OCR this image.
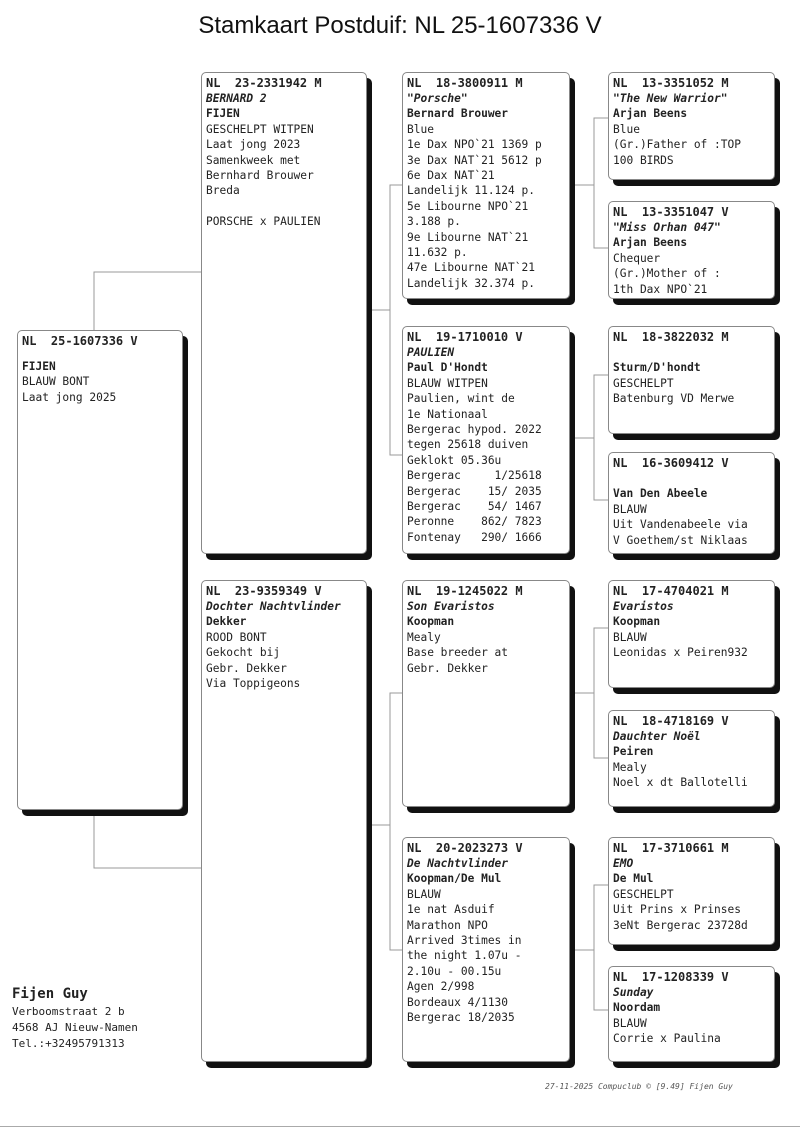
Stamkaart Postduif: NL 25-1607336 V
NL  25-1607336 V
FIJEN
BLAUW BONT
Laat jong 2025
NL  23-2331942 M
BERNARD 2
FIJEN
GESCHELPT WITPEN
Laat jong 2023
Samenkweek met
Bernhard Brouwer
Breda

PORSCHE x PAULIEN
NL  23-9359349 V
Dochter Nachtvlinder
Dekker
ROOD BONT
Gekocht bij
Gebr. Dekker
Via Toppigeons
NL  18-3800911 M
"Porsche"
Bernard Brouwer
Blue
1e Dax NPO`21 1369 p
3e Dax NAT`21 5612 p
6e Dax NAT`21
Landelijk 11.124 p.
5e Libourne NPO`21
3.188 p.
9e Libourne NAT`21
11.632 p.
47e Libourne NAT`21
Landelijk 32.374 p.
NL  19-1710010 V
PAULIEN
Paul D'Hondt
BLAUW WITPEN
Paulien, wint de
1e Nationaal
Bergerac hypod. 2022
tegen 25618 duiven
Geklokt 05.36u
Bergerac     1/25618
Bergerac    15/ 2035
Bergerac    54/ 1467
Peronne    862/ 7823
Fontenay   290/ 1666
NL  19-1245022 M
Son Evaristos
Koopman
Mealy
Base breeder at
Gebr. Dekker
NL  20-2023273 V
De Nachtvlinder
Koopman/De Mul
BLAUW
1e nat Asduif
Marathon NPO
Arrived 3times in
the night 1.07u -
2.10u - 00.15u
Agen 2/998
Bordeaux 4/1130
Bergerac 18/2035
NL  13-3351052 M
"The New Warrior"
Arjan Beens
Blue
(Gr.)Father of :TOP
100 BIRDS
NL  13-3351047 V
"Miss Orhan 047"
Arjan Beens
Chequer
(Gr.)Mother of :
1th Dax NPO`21
NL  18-3822032 M

Sturm/D'hondt
GESCHELPT
Batenburg VD Merwe
NL  16-3609412 V

Van Den Abeele
BLAUW
Uit Vandenabeele via
V Goethem/st Niklaas
NL  17-4704021 M
Evaristos
Koopman
BLAUW
Leonidas x Peiren932
NL  18-4718169 V
Dauchter Noël
Peiren
Mealy
Noel x dt Ballotelli
NL  17-3710661 M
EMO
De Mul
GESCHELPT
Uit Prins x Prinses
3eNt Bergerac 23728d
NL  17-1208339 V
Sunday
Noordam
BLAUW
Corrie x Paulina
Fijen Guy
Verboomstraat 2 b
4568 AJ Nieuw-Namen
Tel.:+32495791313
27-11-2025 Compuclub © [9.49] Fijen Guy
